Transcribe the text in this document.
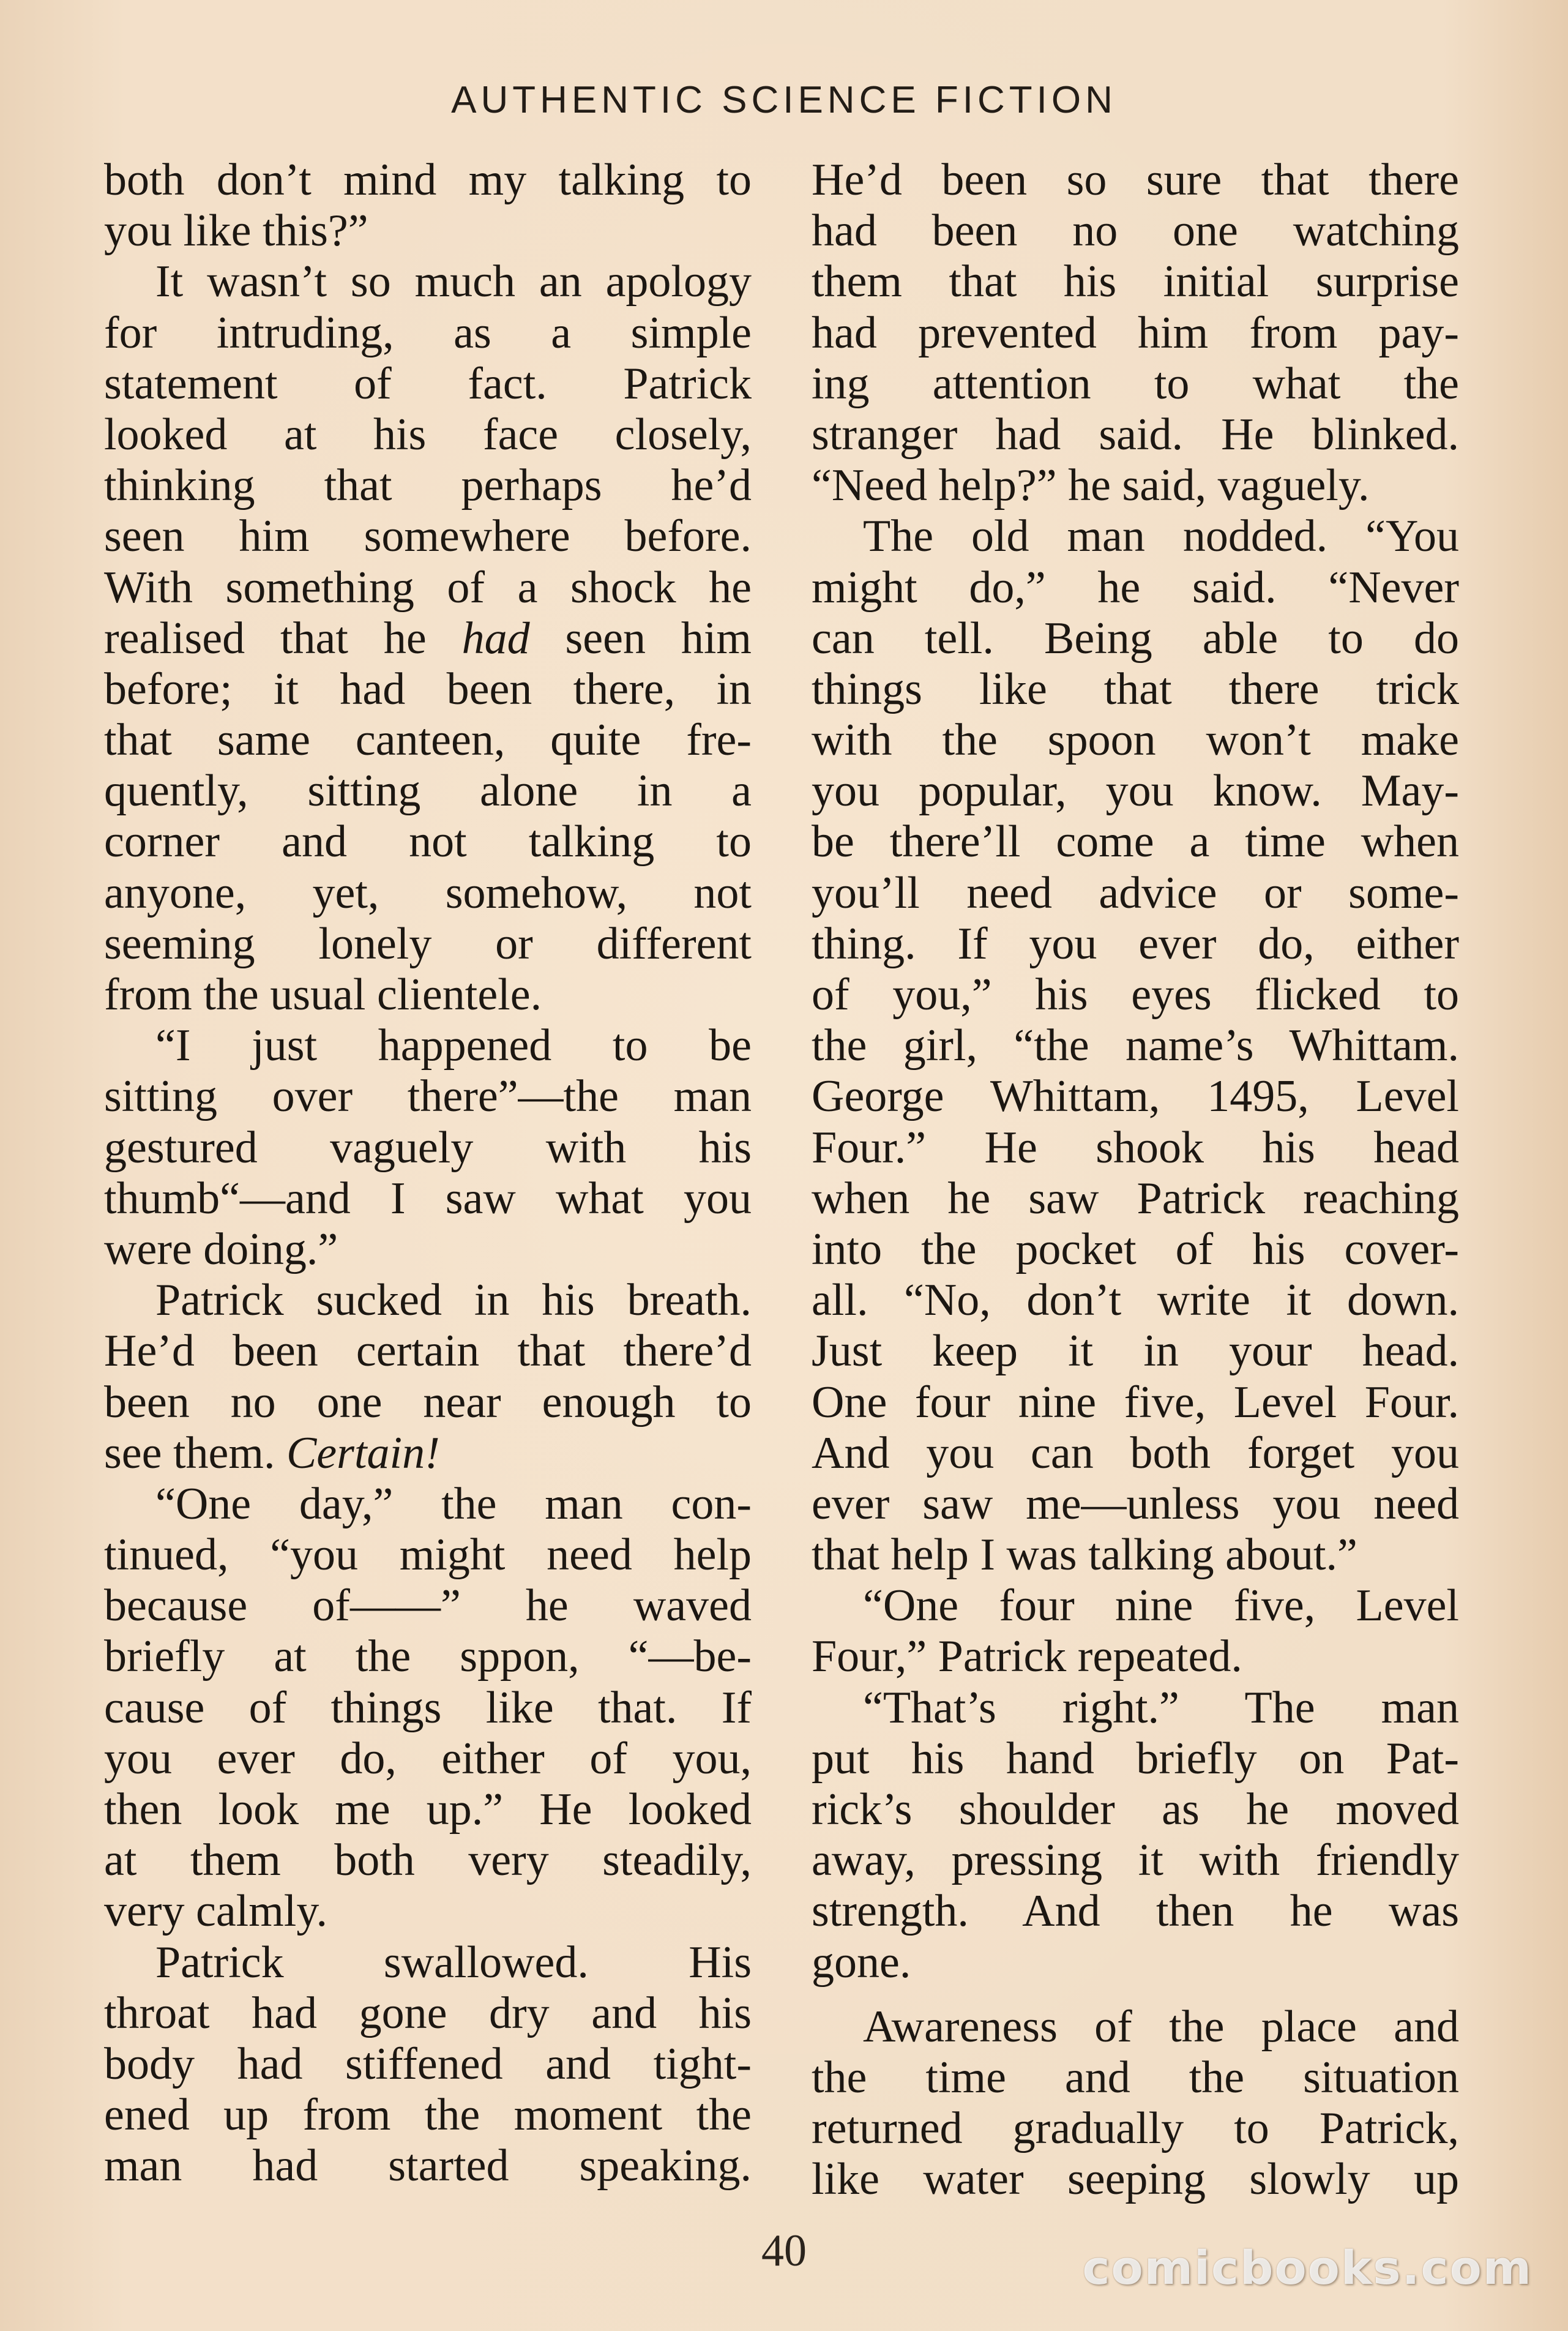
AUTHENTIC SCIENCE FICTION
both don’t mind my talking to
you like this?”
It wasn’t so much an apology
for intruding, as a simple
statement of fact. Patrick
looked at his face closely,
thinking that perhaps he’d
seen him somewhere before.
With something of a shock he
realised that he had seen him
before; it had been there, in
that same canteen, quite fre-
quently, sitting alone in a
corner and not talking to
anyone, yet, somehow, not
seeming lonely or different
from the usual clientele.
“I just happened to be
sitting over there”—the man
gestured vaguely with his
thumb“—and I saw what you
were doing.”
Patrick sucked in his breath.
He’d been certain that there’d
been no one near enough to
see them. Certain!
“One day,” the man con-
tinued, “you might need help
because of——” he waved
briefly at the sppon, “—be-
cause of things like that. If
you ever do, either of you,
then look me up.” He looked
at them both very steadily,
very calmly.
Patrick swallowed. His
throat had gone dry and his
body had stiffened and tight-
ened up from the moment the
man had started speaking.
He’d been so sure that there
had been no one watching
them that his initial surprise
had prevented him from pay-
ing attention to what the
stranger had said. He blinked.
“Need help?” he said, vaguely.
The old man nodded. “You
might do,” he said. “Never
can tell. Being able to do
things like that there trick
with the spoon won’t make
you popular, you know. May-
be there’ll come a time when
you’ll need advice or some-
thing. If you ever do, either
of you,” his eyes flicked to
the girl, “the name’s Whittam.
George Whittam, 1495, Level
Four.” He shook his head
when he saw Patrick reaching
into the pocket of his cover-
all. “No, don’t write it down.
Just keep it in your head.
One four nine five, Level Four.
And you can both forget you
ever saw me—unless you need
that help I was talking about.”
“One four nine five, Level
Four,” Patrick repeated.
“That’s right.” The man
put his hand briefly on Pat-
rick’s shoulder as he moved
away, pressing it with friendly
strength. And then he was
gone.
Awareness of the place and
the time and the situation
returned gradually to Patrick,
like water seeping slowly up
40	comicbooks.com
